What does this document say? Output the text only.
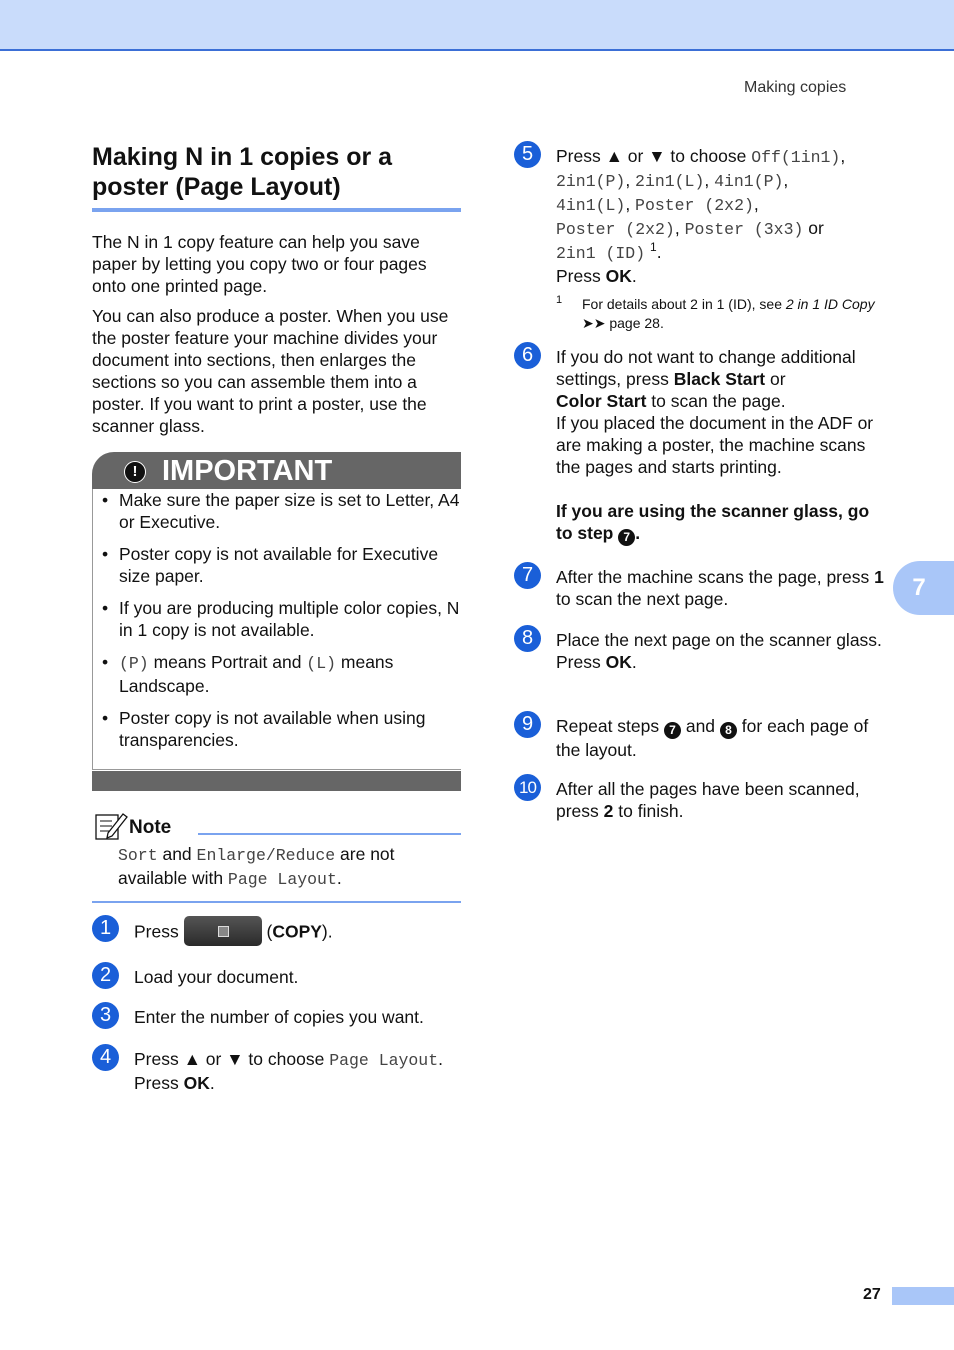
Making copies
Making N in 1 copies or a poster (Page Layout)

The N in 1 copy feature can help you save paper by letting you copy two or four pages onto one printed page.

You can also produce a poster. When you use the poster feature your machine divides your document into sections, then enlarges the sections so you can assemble them into a poster. If you want to print a poster, use the scanner glass.

! IMPORTANT
• Make sure the paper size is set to Letter, A4 or Executive.
• Poster copy is not available for Executive size paper.
• If you are producing multiple color copies, N in 1 copy is not available.
• (P) means Portrait and (L) means Landscape.
• Poster copy is not available when using transparencies.
Note
Sort and Enlarge/Reduce are not available with Page Layout.
1	Press	(COPY).
2	Load your document.
3	Enter the number of copies you want.
4	Press ▲ or ▼ to choose Page Layout.
Press OK.
5	Press ▲ or ▼ to choose Off(1in1),
2in1(P), 2in1(L), 4in1(P),
4in1(L), Poster (2x2),
Poster (2x2), Poster (3x3) or
2in1 (ID) $^1$.
Press OK.
1 For details about 2 in 1 (ID), see 2 in 1 ID Copy
➤➤ page 28.
6	If you do not want to change additional settings, press Black Start or
Color Start to scan the page.
If you placed the document in the ADF or are making a poster, the machine scans the pages and starts printing.
If you are using the scanner glass, go to step 7 .
7	After the machine scans the page, press 1 to scan the next page.
8	Place the next page on the scanner glass.
Press OK.
9	Repeat steps 7 and 8 for each page of the layout.
10 After all the pages have been scanned, press 2 to finish.
7
27
